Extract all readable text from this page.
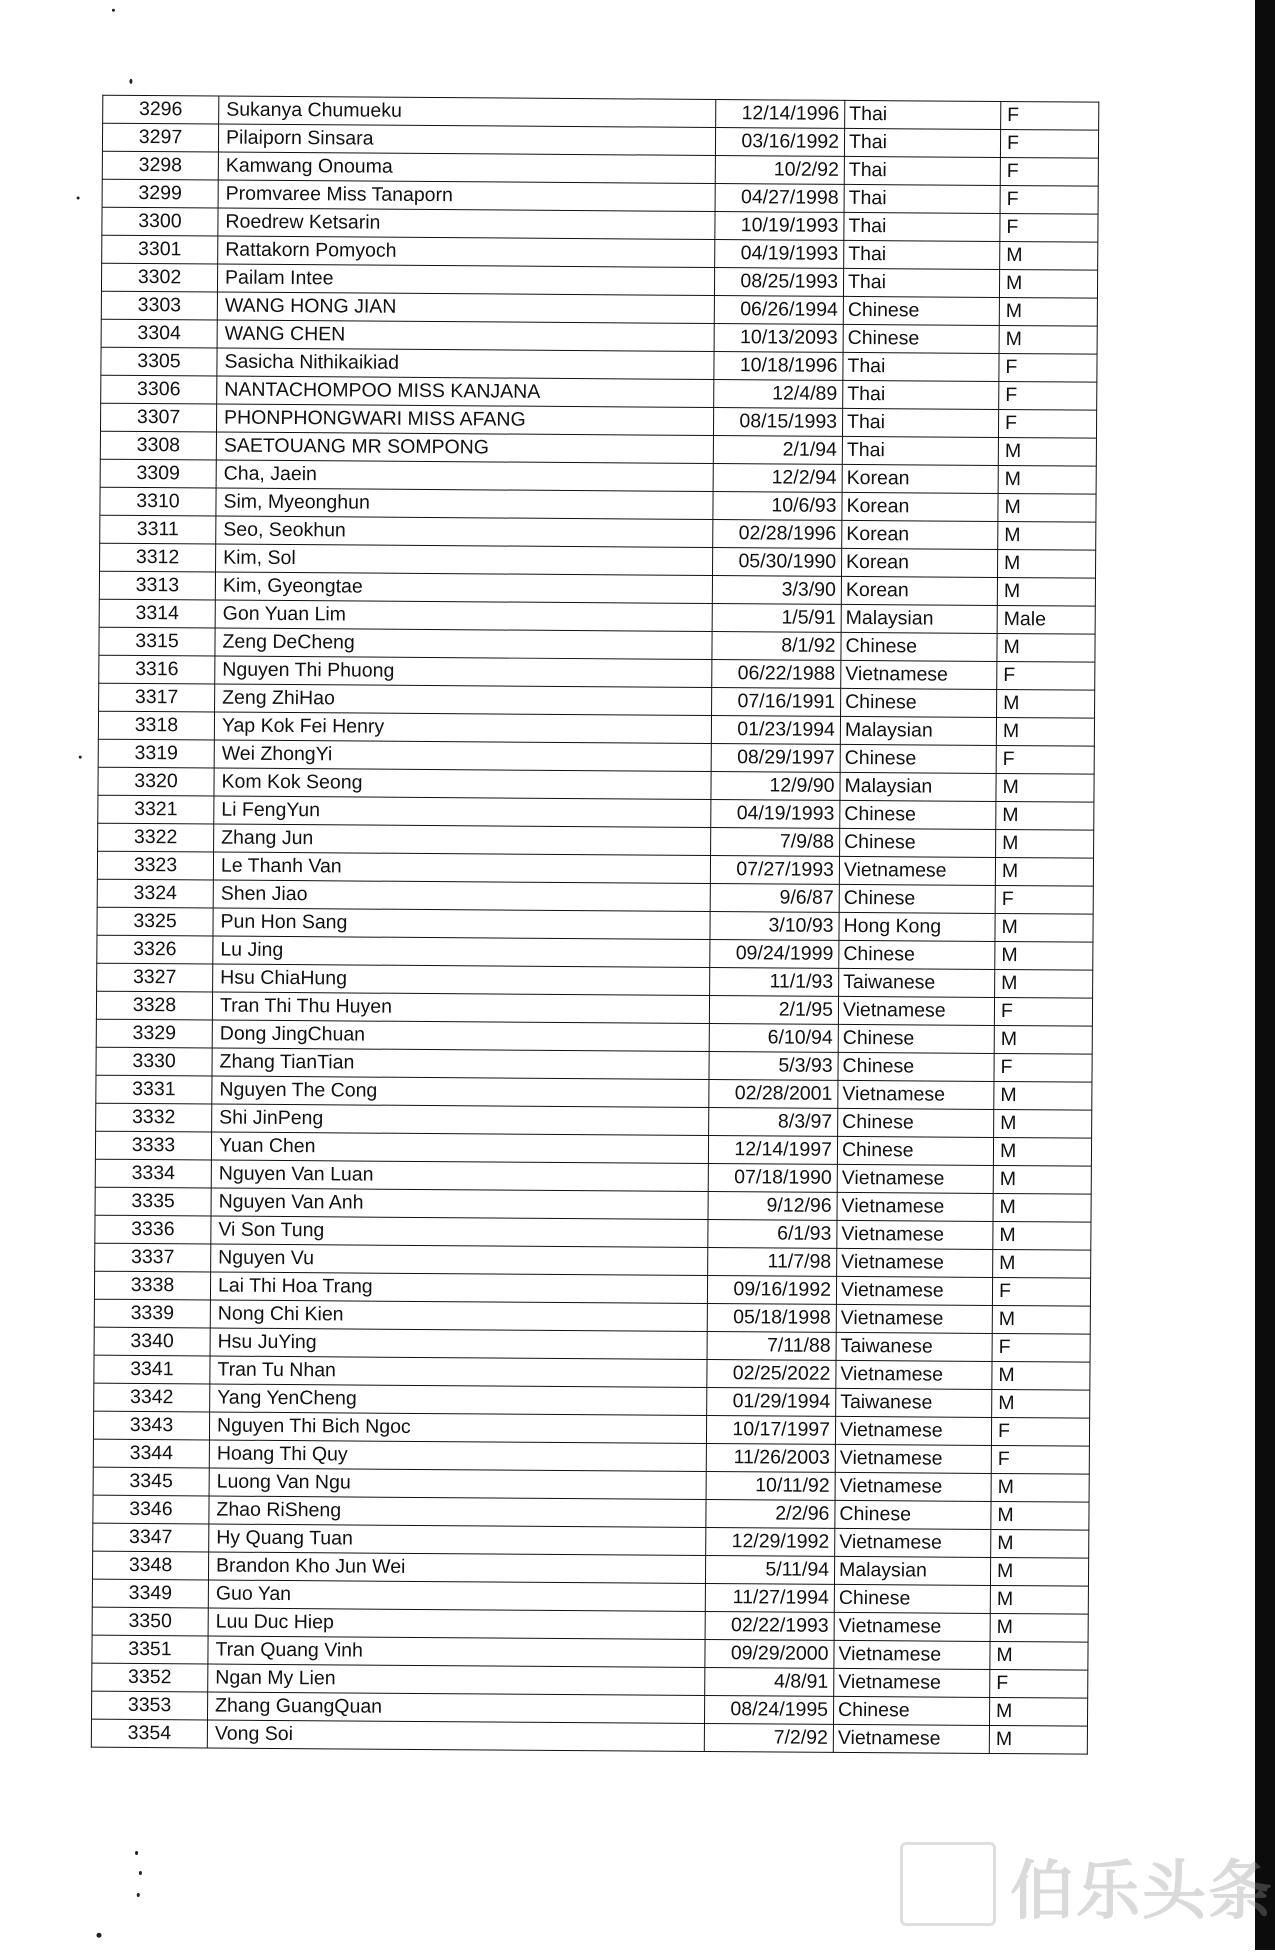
3296	Sukanya Chumueku	12/14/1996	Thai	F
3297	Pilaiporn Sinsara	03/16/1992	Thai	F
3298	Kamwang Onouma	10/2/92	Thai	F
3299	Promvaree Miss Tanaporn	04/27/1998	Thai	F
3300	Roedrew Ketsarin	10/19/1993	Thai	F
3301	Rattakorn Pomyoch	04/19/1993	Thai	M
3302	Pailam Intee	08/25/1993	Thai	M
3303	WANG HONG JIAN	06/26/1994	Chinese	M
3304	WANG CHEN	10/13/2093	Chinese	M
3305	Sasicha Nithikaikiad	10/18/1996	Thai	F
3306	NANTACHOMPOO MISS KANJANA	12/4/89	Thai	F
3307	PHONPHONGWARI MISS AFANG	08/15/1993	Thai	F
3308	SAETOUANG MR SOMPONG	2/1/94	Thai	M
3309	Cha, Jaein	12/2/94	Korean	M
3310	Sim, Myeonghun	10/6/93	Korean	M
3311	Seo, Seokhun	02/28/1996	Korean	M
3312	Kim, Sol	05/30/1990	Korean	M
3313	Kim, Gyeongtae	3/3/90	Korean	M
3314	Gon Yuan Lim	1/5/91	Malaysian	Male
3315	Zeng DeCheng	8/1/92	Chinese	M
3316	Nguyen Thi Phuong	06/22/1988	Vietnamese	F
3317	Zeng ZhiHao	07/16/1991	Chinese	M
3318	Yap Kok Fei Henry	01/23/1994	Malaysian	M
3319	Wei ZhongYi	08/29/1997	Chinese	F
3320	Kom Kok Seong	12/9/90	Malaysian	M
3321	Li FengYun	04/19/1993	Chinese	M
3322	Zhang Jun	7/9/88	Chinese	M
3323	Le Thanh Van	07/27/1993	Vietnamese	M
3324	Shen Jiao	9/6/87	Chinese	F
3325	Pun Hon Sang	3/10/93	Hong Kong	M
3326	Lu Jing	09/24/1999	Chinese	M
3327	Hsu ChiaHung	11/1/93	Taiwanese	M
3328	Tran Thi Thu Huyen	2/1/95	Vietnamese	F
3329	Dong JingChuan	6/10/94	Chinese	M
3330	Zhang TianTian	5/3/93	Chinese	F
3331	Nguyen The Cong	02/28/2001	Vietnamese	M
3332	Shi JinPeng	8/3/97	Chinese	M
3333	Yuan Chen	12/14/1997	Chinese	M
3334	Nguyen Van Luan	07/18/1990	Vietnamese	M
3335	Nguyen Van Anh	9/12/96	Vietnamese	M
3336	Vi Son Tung	6/1/93	Vietnamese	M
3337	Nguyen Vu	11/7/98	Vietnamese	M
3338	Lai Thi Hoa Trang	09/16/1992	Vietnamese	F
3339	Nong Chi Kien	05/18/1998	Vietnamese	M
3340	Hsu JuYing	7/11/88	Taiwanese	F
3341	Tran Tu Nhan	02/25/2022	Vietnamese	M
3342	Yang YenCheng	01/29/1994	Taiwanese	M
3343	Nguyen Thi Bich Ngoc	10/17/1997	Vietnamese	F
3344	Hoang Thi Quy	11/26/2003	Vietnamese	F
3345	Luong Van Ngu	10/11/92	Vietnamese	M
3346	Zhao RiSheng	2/2/96	Chinese	M
3347	Hy Quang Tuan	12/29/1992	Vietnamese	M
3348	Brandon Kho Jun Wei	5/11/94	Malaysian	M
3349	Guo Yan	11/27/1994	Chinese	M
3350	Luu Duc Hiep	02/22/1993	Vietnamese	M
3351	Tran Quang Vinh	09/29/2000	Vietnamese	M
3352	Ngan My Lien	4/8/91	Vietnamese	F
3353	Zhang GuangQuan	08/24/1995	Chinese	M
3354	Vong Soi	7/2/92	Vietnamese	M
伯乐头条
